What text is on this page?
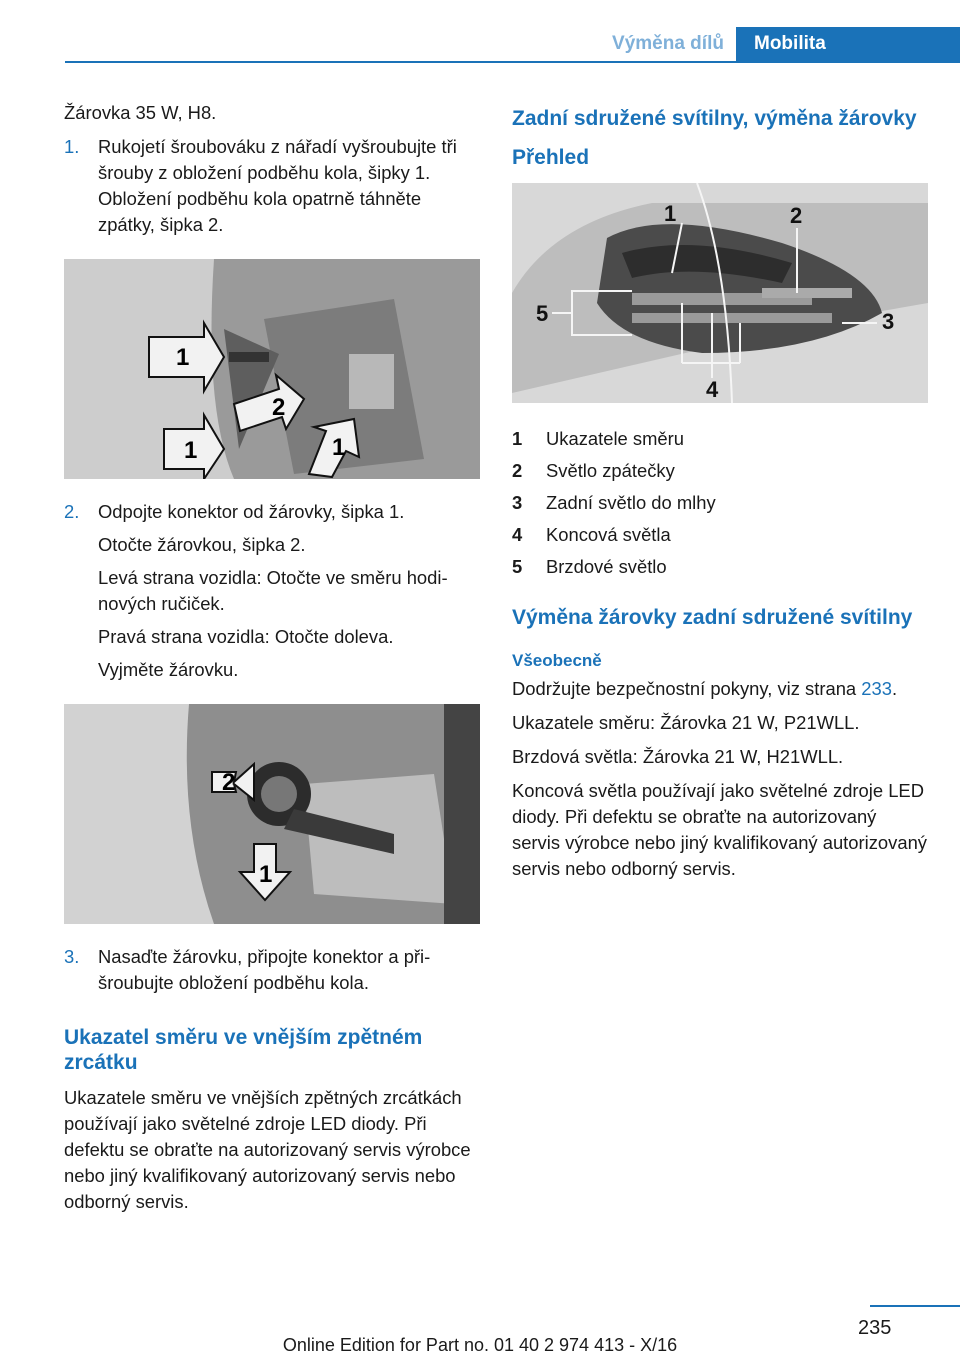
Výměna dílů	Mobilita

Žárovka 35 W, H8.

1.	Rukojetí šroubováku z nářadí vyšroubujte tři šrouby z obložení podběhu kola, šipky 1. Obložení podběhu kola opatrně táhněte zpátky, šipka 2.

1
2
1	1
2.	Odpojte konektor od žárovky, šipka 1.

Otočte žárovkou, šipka 2.

Levá strana vozidla: Otočte ve směru hodinových ručiček.

Pravá strana vozidla: Otočte doleva.

Vyjměte žárovku.

2
1
3.	Nasaďte žárovku, připojte konektor a přišroubujte obložení podběhu kola.

Ukazatel směru ve vnějším zpětném zrcátku

Ukazatele směru ve vnějších zpětných zrcátkách používají jako světelné zdroje LED diody. Při defektu se obraťte na autorizovaný servis výrobce nebo jiný kvalifikovaný autorizovaný servis nebo odborný servis.

Zadní sdružené svítilny, výměna žárovky
Přehled
1	2
3
4
5
1	Ukazatele směru
2	Světlo zpátečky
3	Zadní světlo do mlhy
4	Koncová světla
5	Brzdové světlo
Výměna žárovky zadní sdružené svítilny
Všeobecně

Dodržujte bezpečnostní pokyny, viz strana 233.

Ukazatele směru: Žárovka 21 W, P21WLL.

Brzdová světla: Žárovka 21 W, H21WLL.

Koncová světla používají jako světelné zdroje LED diody. Při defektu se obraťte na autorizovaný servis výrobce nebo jiný kvalifikovaný autorizovaný servis nebo odborný servis.

235
Online Edition for Part no. 01 40 2 974 413 - X/16
